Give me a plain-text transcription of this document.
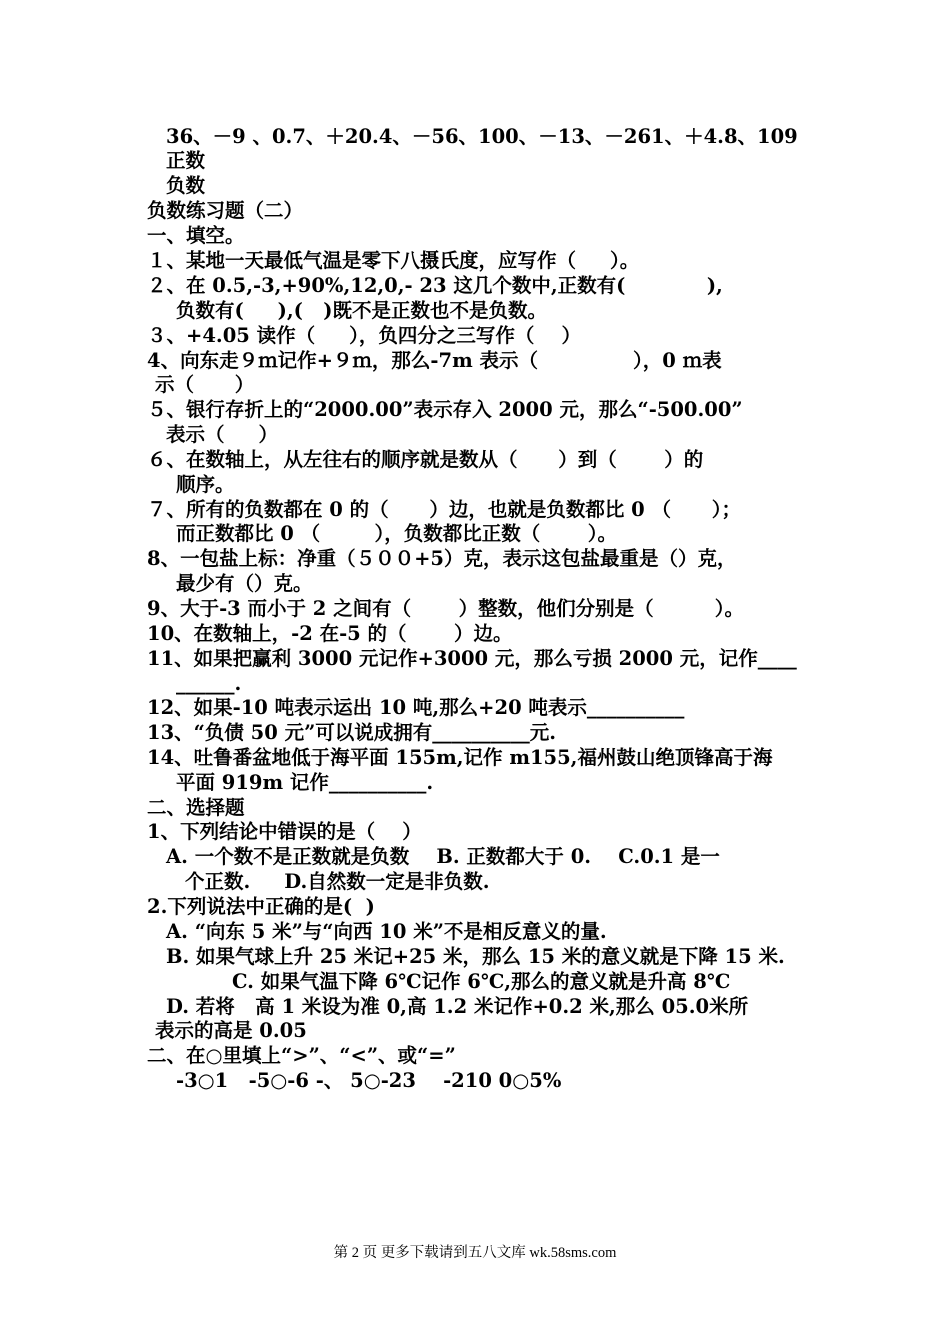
36、－9 、0.7、＋20.4、－56、100、－13、－261、＋4.8、109
正数
负数
负数练习题（二）
一、填空。
１、某地一天最低气温是零下八摄氏度，应写作（     ）。
２、在 0.5,-3,+90%,12,0,- 23 这几个数中,正数有(            ),
负数有(     ),(   )既不是正数也不是负数。
３、+4.05 读作（     ），负四分之三写作（    ）
4、向东走９ｍ记作+９ｍ，那么-7m 表示（              ），0 ｍ表
示（      ）
５、银行存折上的“2000.00”表示存入 2000 元，那么“-500.00”
表示（     ）
６、在数轴上，从左往右的顺序就是数从（      ）到（       ）的
顺序。
７、所有的负数都在 0 的（      ）边，也就是负数都比 0 （      ）；
而正数都比 0 （        ），负数都比正数（       ）。
8、一包盐上标：净重（５００+5）克，表示这包盐最重是（）克，
最少有（）克。
9、大于-3 而小于 2 之间有（       ）整数，他们分别是（         ）。
10、在数轴上，-2 在-5 的（       ）边。
11、如果把赢利 3000 元记作+3000 元，那么亏损 2000 元，记作____
______.
12、如果-10 吨表示运出 10 吨,那么+20 吨表示__________
13、“负债 50 元”可以说成拥有__________元.
14、吐鲁番盆地低于海平面 155m,记作 m155,福州鼓山绝顶锋高于海
平面 919m 记作__________.
二、选择题
1、下列结论中错误的是（    ）
A. 一个数不是正数就是负数    B. 正数都大于 0.    C.0.1 是一
个正数.     D.自然数一定是非负数.
2.下列说法中正确的是(  )
A. “向东 5 米”与“向西 10 米”不是相反意义的量.
B. 如果气球上升 25 米记+25 米，那么 15 米的意义就是下降 15 米.
C. 如果气温下降 6℃记作 6℃,那么的意义就是升高 8℃
D. 若将   高 1 米设为准 0,高 1.2 米记作+0.2 米,那么 05.0米所
表示的高是 0.05
二、在○里填上“>”、“<”、或“=”
-3○1   -5○-6 -、 5○-23    -210 0○5%
第 2 页 更多下载请到五八文库 wk.58sms.com
